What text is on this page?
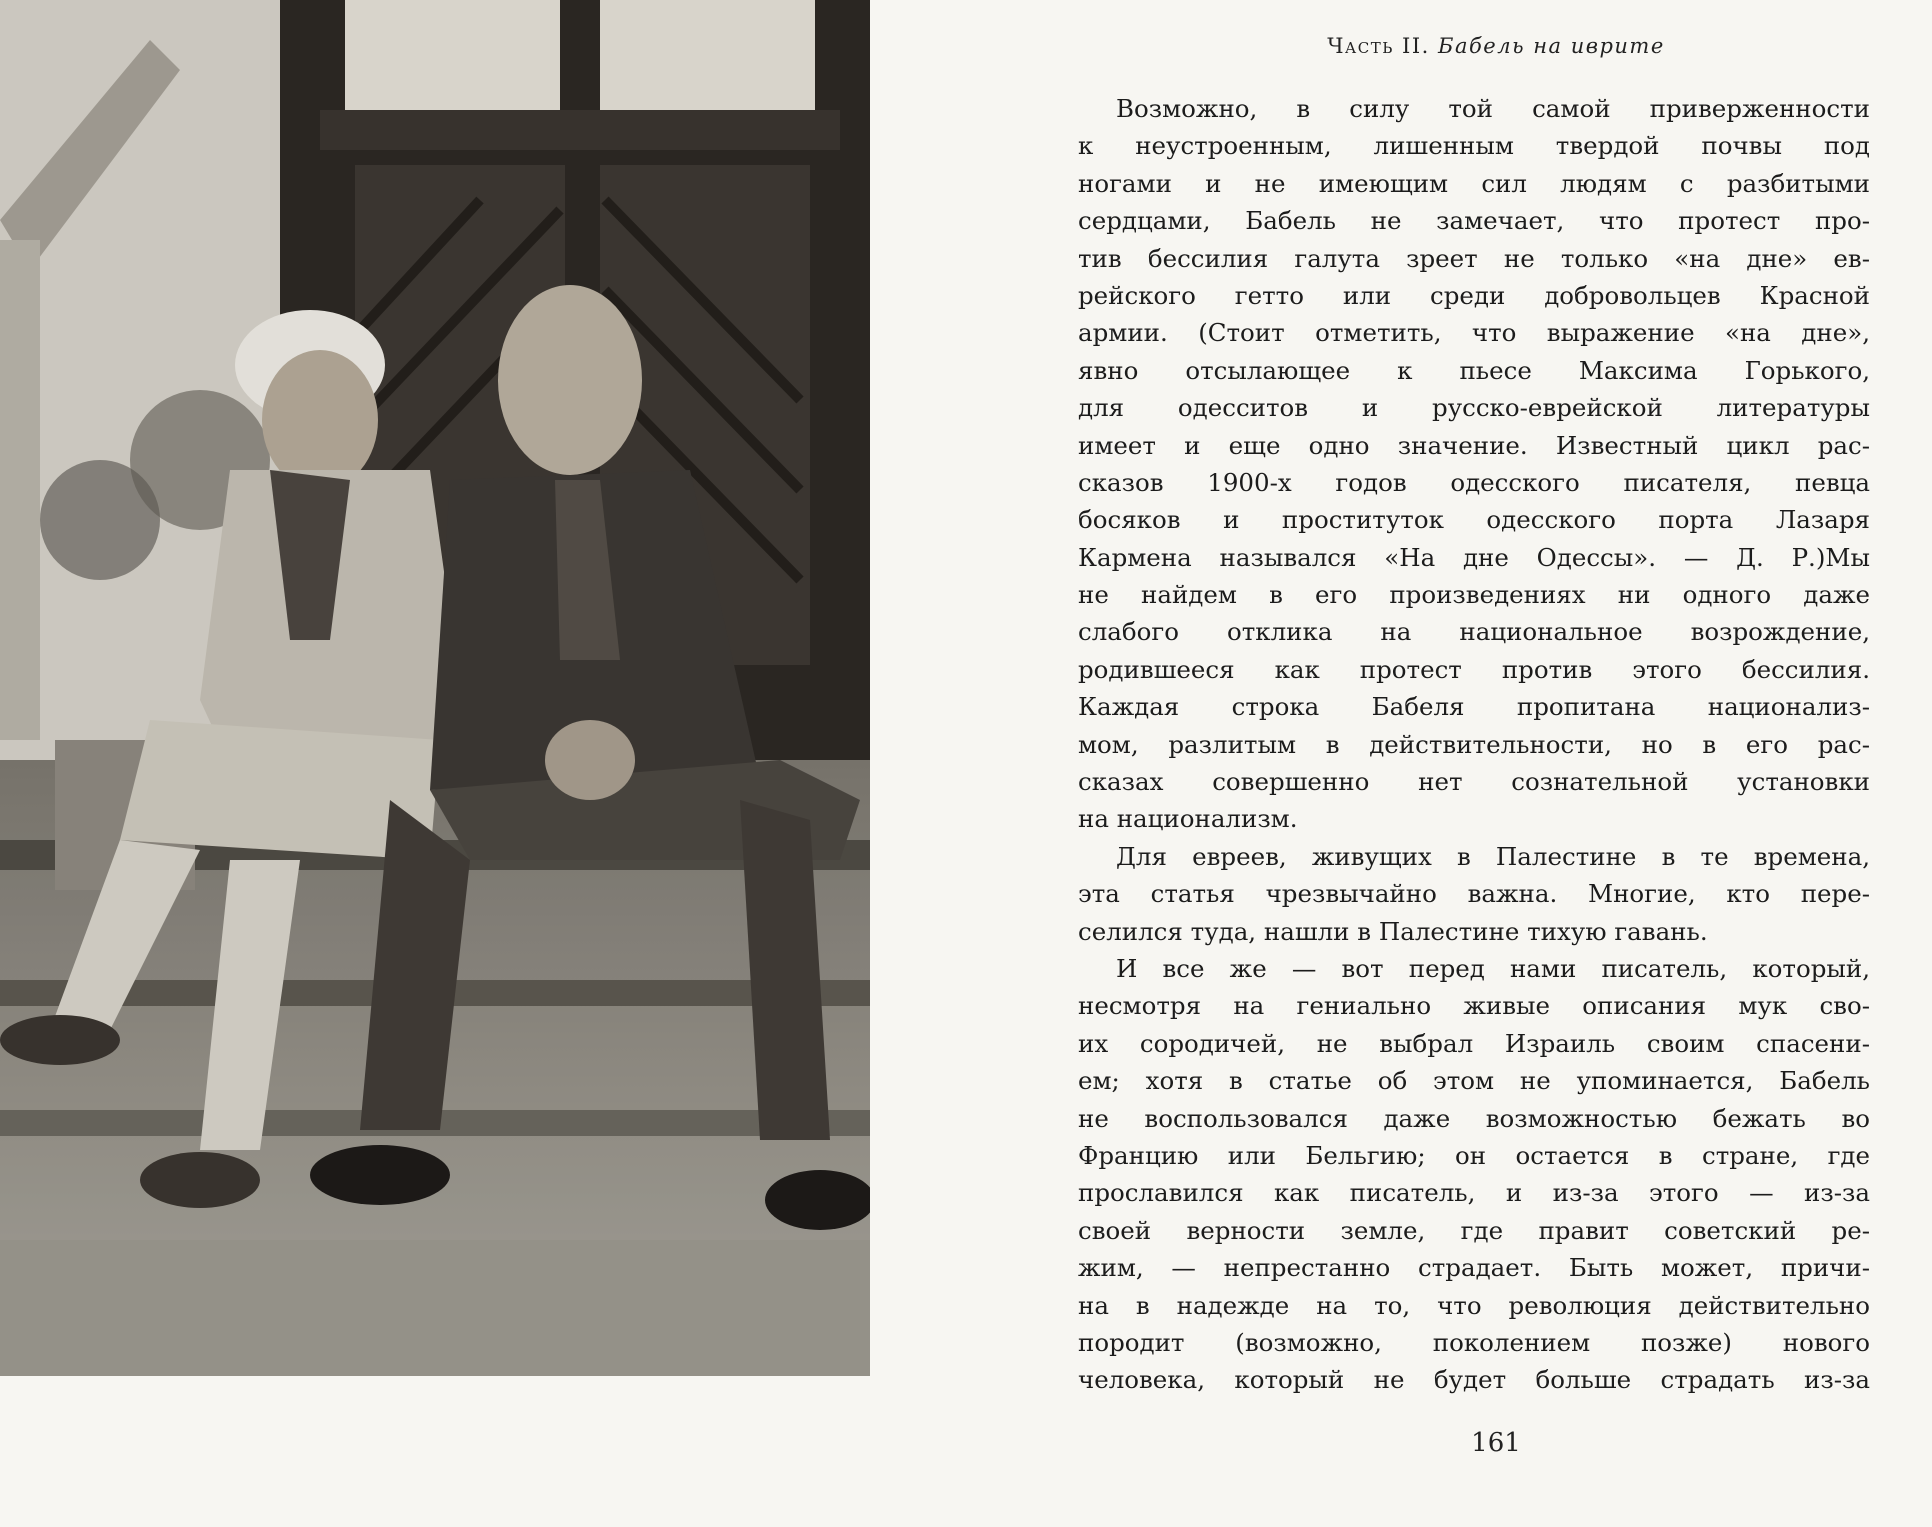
Часть II. Бабель на иврите
Возможно, в силу той самой приверженности
к неустроенным, лишенным твердой почвы под
ногами и не имеющим сил людям с разбитыми
сердцами, Бабель не замечает, что протест про-
тив бессилия галута зреет не только «на дне» ев-
рейского гетто или среди добровольцев Красной
армии. (Стоит отметить, что выражение «на дне»,
явно отсылающее к пьесе Максима Горького,
для одесситов и русско-еврейской литературы
имеет и еще одно значение. Известный цикл рас-
сказов 1900-х годов одесского писателя, певца
босяков и проституток одесского порта Лазаря
Кармена назывался «На дне Одессы». — Д. Р.)Мы
не найдем в его произведениях ни одного даже
слабого отклика на национальное возрождение,
родившееся как протест против этого бессилия.
Каждая строка Бабеля пропитана национализ-
мом, разлитым в действительности, но в его рас-
сказах совершенно нет сознательной установки
на национализм.
Для евреев, живущих в Палестине в те времена,
эта статья чрезвычайно важна. Многие, кто пере-
селился туда, нашли в Палестине тихую гавань.
И все же — вот перед нами писатель, который,
несмотря на гениально живые описания мук сво-
их сородичей, не выбрал Израиль своим спасени-
ем; хотя в статье об этом не упоминается, Бабель
не воспользовался даже возможностью бежать во
Францию или Бельгию; он остается в стране, где
прославился как писатель, и из-за этого — из-за
своей верности земле, где правит советский ре-
жим, — непрестанно страдает. Быть может, причи-
на в надежде на то, что революция действительно
породит (возможно, поколением позже) нового
человека, который не будет больше страдать из-за
161
